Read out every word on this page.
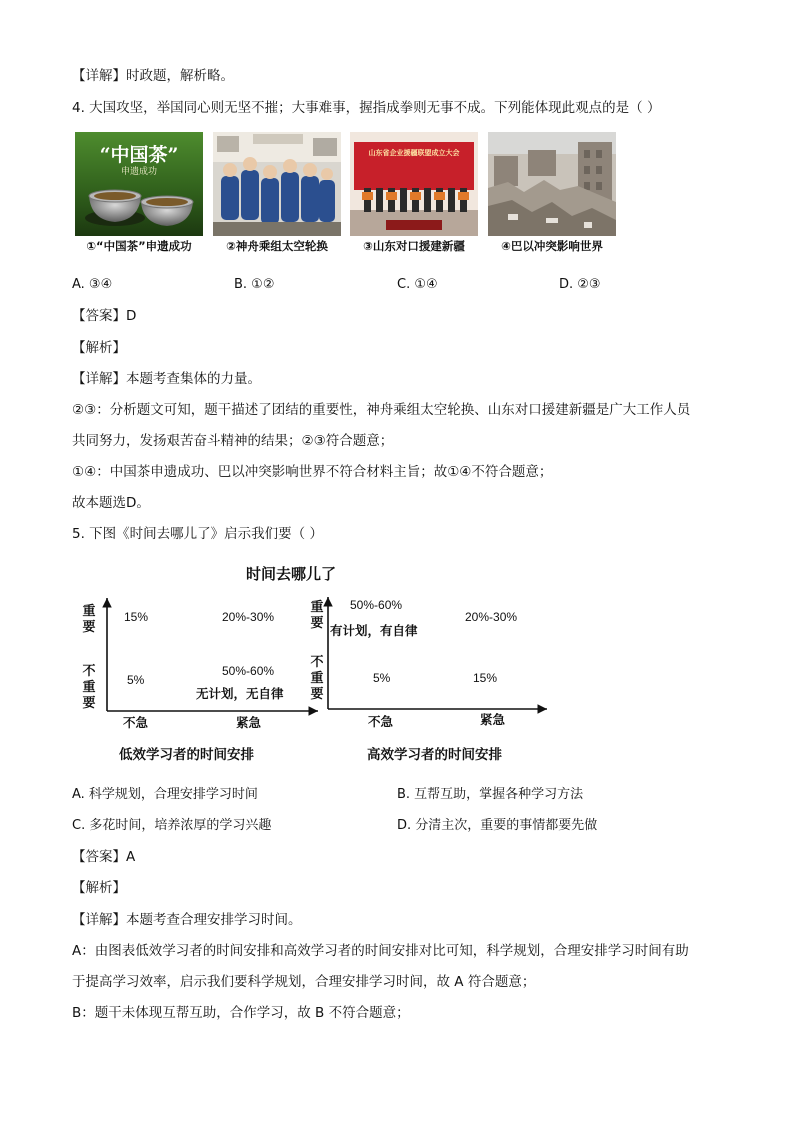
【详解】时政题，解析略。
4. 大国攻坚，举国同心则无坚不摧；大事难事，握指成拳则无事不成。下列能体现此观点的是（ ）
“中国茶”
申遗成功
①“中国茶”申遗成功	②神舟乘组太空轮换
山东省企业援疆联盟成立大会
③山东对口援建新疆	④巴以冲突影响世界
A. ③④	B. ①②	C. ①④	D. ②③
【答案】D
【解析】
【详解】本题考查集体的力量。
②③：分析题文可知，题干描述了团结的重要性，神舟乘组太空轮换、山东对口援建新疆是广大工作人员
共同努力，发扬艰苦奋斗精神的结果；②③符合题意；
①④：中国茶申遗成功、巴以冲突影响世界不符合材料主旨；故①④不符合题意；
故本题选D。
5. 下图《时间去哪儿了》启示我们要（ ）
时间去哪儿了
重要
不重要
15%	20%-30%
5%
50%-60%
无计划，无自律
不急	紧急
低效学习者的时间安排
重要
不重要
50%-60%
有计划，有自律
20%-30%
5%	15%
不急	紧急
高效学习者的时间安排
A. 科学规划，合理安排学习时间	B. 互帮互助，掌握各种学习方法
C. 多花时间，培养浓厚的学习兴趣	D. 分清主次，重要的事情都要先做
【答案】A
【解析】
【详解】本题考查合理安排学习时间。
A：由图表低效学习者的时间安排和高效学习者的时间安排对比可知，科学规划，合理安排学习时间有助
于提高学习效率，启示我们要科学规划，合理安排学习时间，故 A 符合题意；
B：题干未体现互帮互助，合作学习，故 B 不符合题意；
